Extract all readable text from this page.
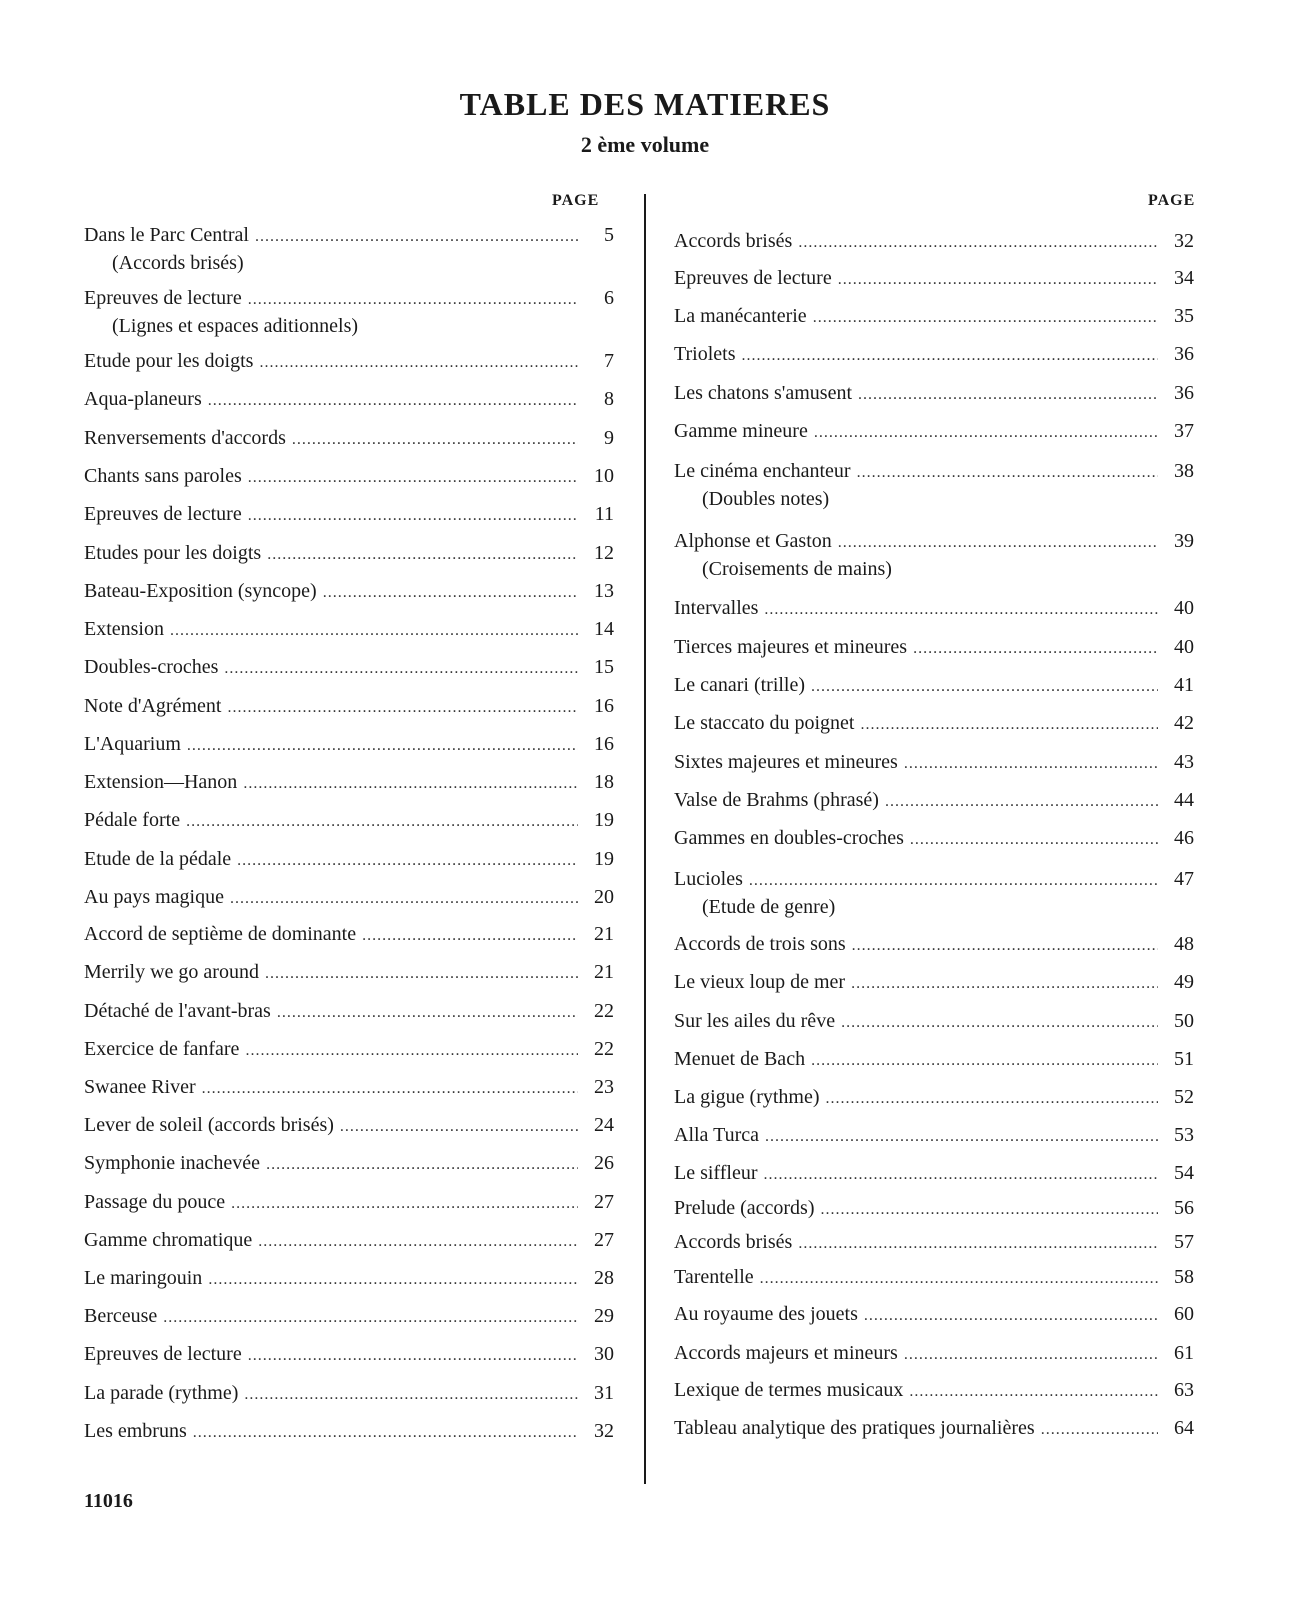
TABLE DES MATIERES
2 ème volume
PAGE
Dans le Parc Central .....	5
(Accords brisés)
Epreuves de lecture .....	6
(Lignes et espaces aditionnels)
Etude pour les doigts .....	7
Aqua-planeurs .....	8
Renversements d'accords .....	9
Chants sans paroles .....	10
Epreuves de lecture .....	11
Etudes pour les doigts .....	12
Bateau-Exposition (syncope) .....	13
Extension .....	14
Doubles-croches .....	15
Note d'Agrément .....	16
L'Aquarium .....	16
Extension—Hanon .....	18
Pédale forte .....	19
Etude de la pédale .....	19
Au pays magique .....	20
Accord de septième de dominante .....	21
Merrily we go around .....	21
Détaché de l'avant-bras .....	22
Exercice de fanfare .....	22
Swanee River .....	23
Lever de soleil (accords brisés) .....	24
Symphonie inachevée .....	26
Passage du pouce .....	27
Gamme chromatique .....	27
Le maringouin .....	28
Berceuse .....	29
Epreuves de lecture .....	30
La parade (rythme) .....	31
Les embruns .....	32
PAGE
Accords brisés .....	32
Epreuves de lecture .....	34
La manécanterie .....	35
Triolets .....	36
Les chatons s'amusent .....	36
Gamme mineure .....	37
Le cinéma enchanteur .....	38
(Doubles notes)
Alphonse et Gaston .....	39
(Croisements de mains)
Intervalles .....	40
Tierces majeures et mineures .....	40
Le canari (trille) .....	41
Le staccato du poignet .....	42
Sixtes majeures et mineures .....	43
Valse de Brahms (phrasé) .....	44
Gammes en doubles-croches .....	46
Lucioles .....	47
(Etude de genre)
Accords de trois sons .....	48
Le vieux loup de mer .....	49
Sur les ailes du rêve .....	50
Menuet de Bach .....	51
La gigue (rythme) .....	52
Alla Turca .....	53
Le siffleur .....	54
Prelude (accords) .....	56
Accords brisés .....	57
Tarentelle .....	58
Au royaume des jouets .....	60
Accords majeurs et mineurs .....	61
Lexique de termes musicaux .....	63
Tableau analytique des pratiques journalières .....	64
11016
